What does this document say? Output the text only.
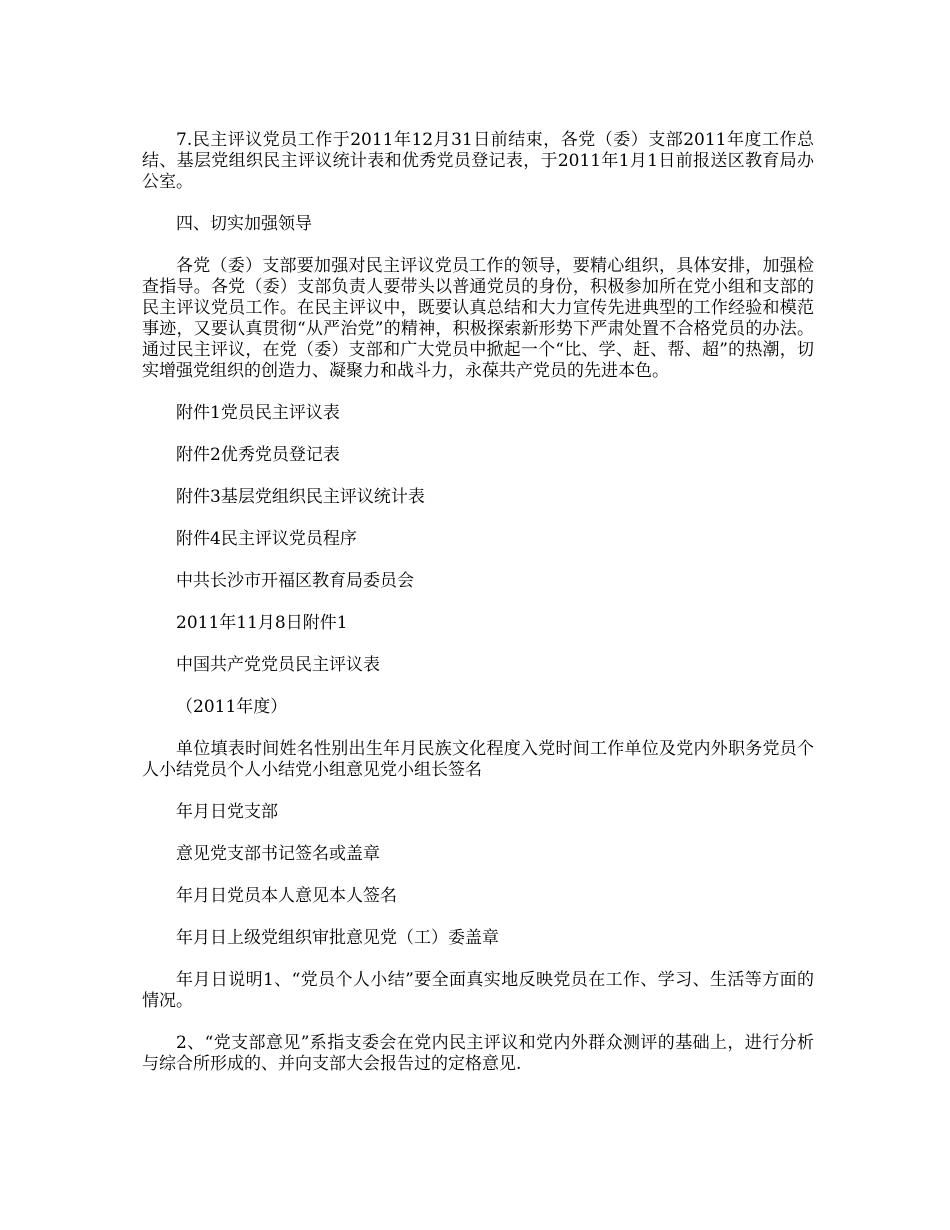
7.民主评议党员工作于2011年12月31日前结束，各党（委）支部2011年度工作总结、基层党组织民主评议统计表和优秀党员登记表，于2011年1月1日前报送区教育局办公室。

四、切实加强领导

各党（委）支部要加强对民主评议党员工作的领导，要精心组织，具体安排，加强检查指导。各党（委）支部负责人要带头以普通党员的身份，积极参加所在党小组和支部的民主评议党员工作。在民主评议中，既要认真总结和大力宣传先进典型的工作经验和模范事迹，又要认真贯彻“从严治党”的精神，积极探索新形势下严肃处置不合格党员的办法。通过民主评议，在党（委）支部和广大党员中掀起一个“比、学、赶、帮、超”的热潮，切实增强党组织的创造力、凝聚力和战斗力，永葆共产党员的先进本色。

附件1党员民主评议表

附件2优秀党员登记表

附件3基层党组织民主评议统计表

附件4民主评议党员程序

中共长沙市开福区教育局委员会

2011年11月8日附件1

中国共产党党员民主评议表

（2011年度）

单位填表时间姓名性别出生年月民族文化程度入党时间工作单位及党内外职务党员个人小结党员个人小结党小组意见党小组长签名

年月日党支部

意见党支部书记签名或盖章

年月日党员本人意见本人签名

年月日上级党组织审批意见党（工）委盖章

年月日说明1、“党员个人小结”要全面真实地反映党员在工作、学习、生活等方面的情况。

2、“党支部意见”系指支委会在党内民主评议和党内外群众测评的基础上，进行分析与综合所形成的、并向支部大会报告过的定格意见.
